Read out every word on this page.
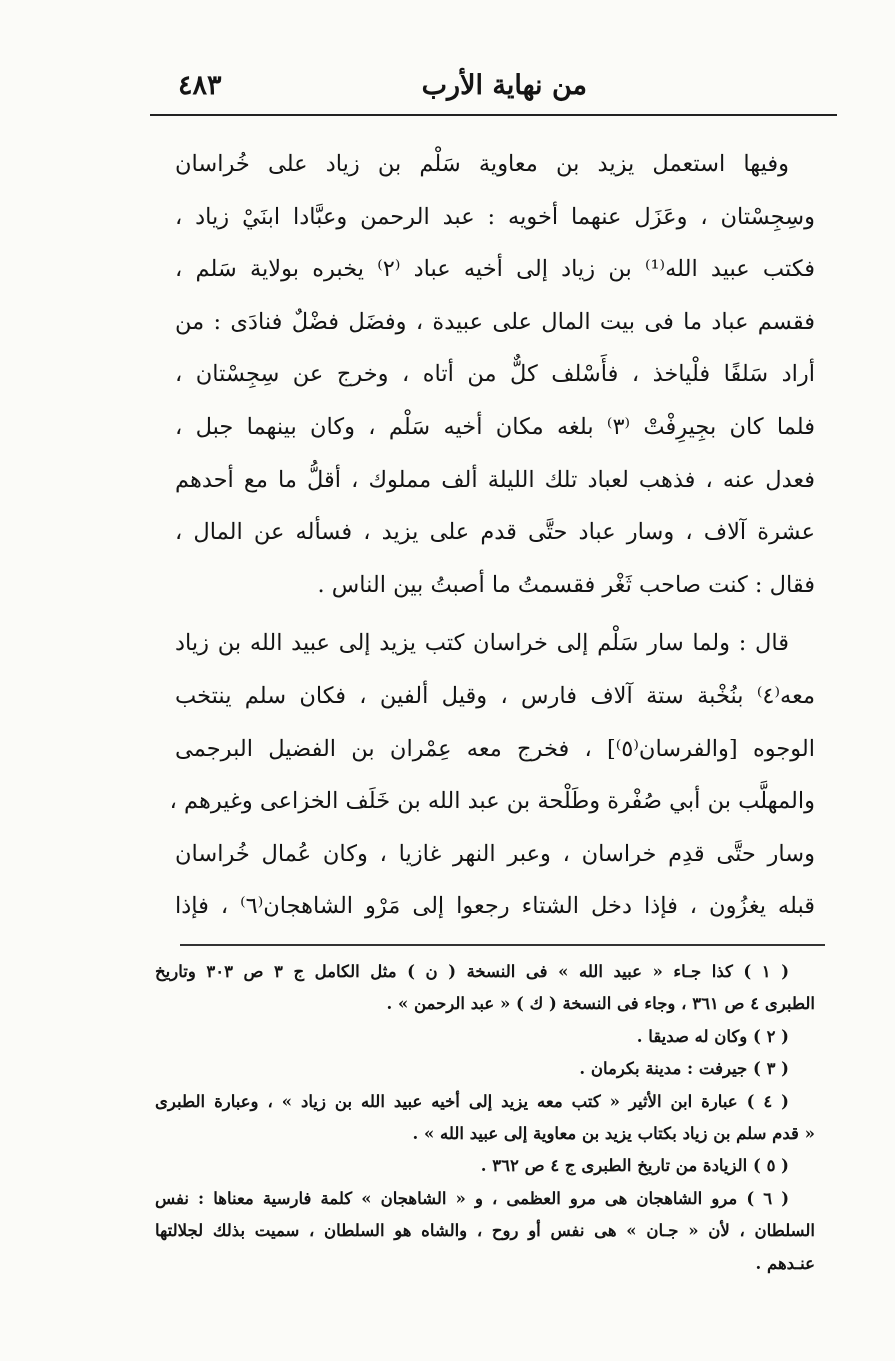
من نهاية الأرب
٤٨٣

وفيها استعمل يزيد بن معاوية سَلْم بن زياد على خُراسان
وسِجِسْتان ، وعَزَل عنهما أخويه : عبد الرحمن وعبَّادا ابنَيْ زياد ،
فكتب عبيد الله⁽¹⁾ بن زياد إلى أخيه عباد ⁽٢⁾ يخبره بولاية سَلم ،
فقسم عباد ما فى بيت المال على عبيدة ، وفضَل فضْلٌ فنادَى : من
أراد سَلفًا فلْياخذ ، فأَسْلف كلٌّ من أتاه ، وخرج عن سِجِسْتان ،
فلما كان بجِيرِفْتْ ⁽٣⁾ بلغه مكان أخيه سَلْم ، وكان بينهما جبل ،
فعدل عنه ، فذهب لعباد تلك الليلة ألف مملوك ، أقلُّ ما مع أحدهم
عشرة آلاف ، وسار عباد حتَّى قدم على يزيد ، فسأله عن المال ،
فقال : كنت صاحب ثَغْر فقسمتُ ما أصبتُ بين الناس .

قال : ولما سار سَلْم إلى خراسان كتب يزيد إلى عبيد الله بن زياد
معه⁽٤⁾ بنُخْبة ستة آلاف فارس ، وقيل ألفين ، فكان سلم ينتخب
الوجوه [والفرسان⁽٥⁾] ، فخرج معه عِمْران بن الفضيل البرجمى
والمهلَّب بن أبي صُفْرة وطَلْحة بن عبد الله بن خَلَف الخزاعى وغيرهم ،
وسار حتَّى قدِم خراسان ، وعبر النهر غازيا ، وكان عُمال خُراسان
قبله يغزُون ، فإذا دخل الشتاء رجعوا إلى مَرْو الشاهجان⁽٦⁾ ، فإذا

( ١ ) كذا جـاء « عبيد الله » فى النسخة ( ن ) مثل الكامل ج ٣ ص ٣٠٣ وتاريخ
الطبرى ٤ ص ٣٦١ ، وجاء فى النسخة ( ك ) « عبد الرحمن » .
( ٢ ) وكان له صديقا .
( ٣ ) جيرفت : مدينة بكرمان .
( ٤ ) عبارة ابن الأثير « كتب معه يزيد إلى أخيه عبيد الله بن زياد » ، وعبارة الطبرى
« قدم سلم بن زياد بكتاب يزيد بن معاوية إلى عبيد الله » .
( ٥ ) الزيادة من تاريخ الطبرى ج ٤ ص ٣٦٢ .
( ٦ ) مرو الشاهجان هى مرو العظمى ، و « الشاهجان » كلمة فارسية معناها : نفس
السلطان ، لأن « جـان » هى نفس أو روح ، والشاه هو السلطان ، سميت بذلك لجلالتها
عنـدهم .
